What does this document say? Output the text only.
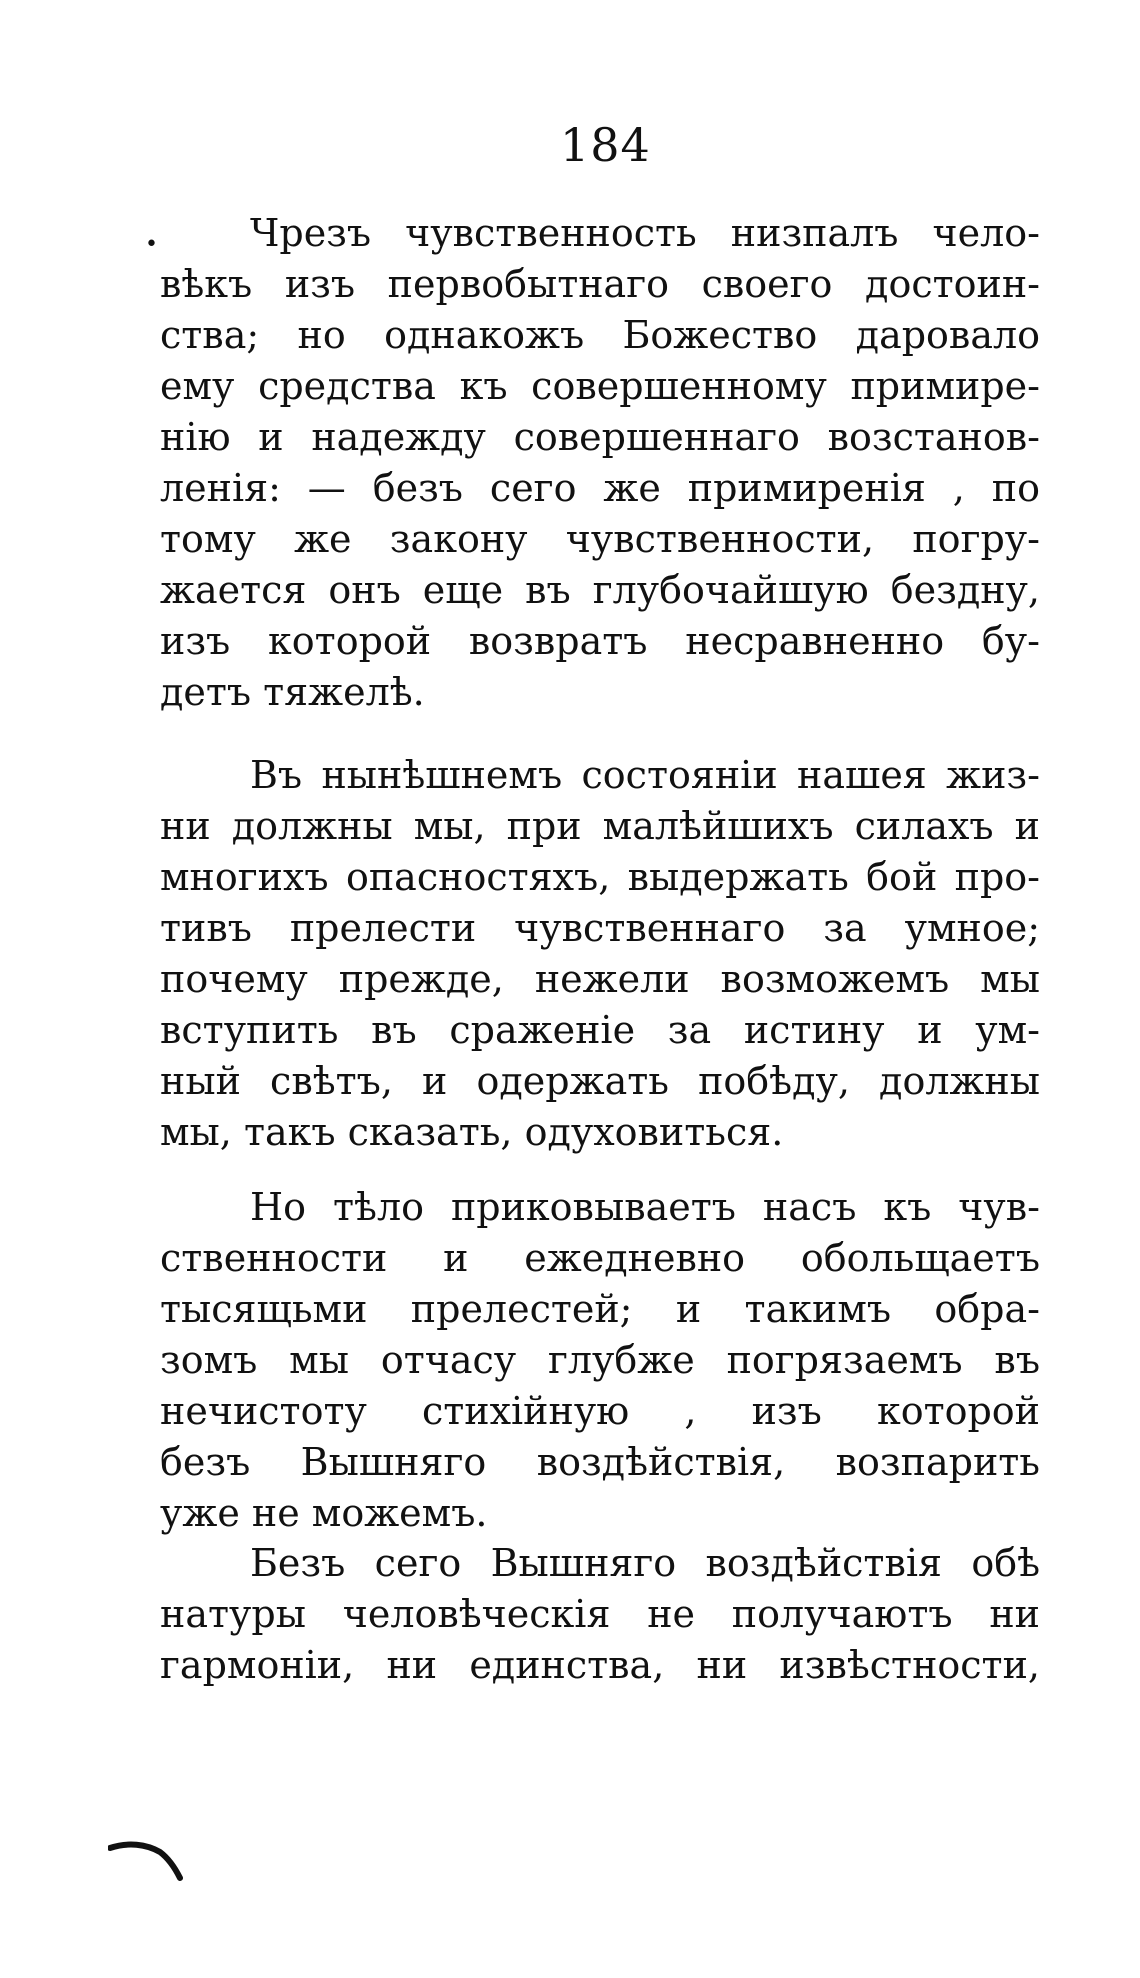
184
•	Чрезъ чувственность низпалъ чело-
вѣкъ изъ первобытнаго своего достоин-
ства; но однакожъ Божество даровало
ему средства къ совершенному примире-
нію и надежду совершеннаго возстанов-
ленія: — безъ сего же примиренія , по
тому же закону чувственности, погру-
жается онъ еще въ глубочайшую бездну,
изъ которой возвратъ несравненно бу-
детъ тяжелѣ.
Въ нынѣшнемъ состояніи нашея жиз-
ни должны мы, при малѣйшихъ силахъ и
многихъ опасностяхъ, выдержать бой про-
тивъ прелести чувственнаго за умное;
почему прежде, нежели возможемъ мы
вступить въ сраженіе за истину и ум-
ный свѣтъ, и одержать побѣду, должны
мы, такъ сказать, одуховиться.
Но тѣло приковываетъ насъ къ чув-
ственности и ежедневно обольщаетъ
тысящьми прелестей; и такимъ обра-
зомъ мы отчасу глубже погрязаемъ въ
нечистоту стихійную , изъ которой
безъ Вышняго воздѣйствія, возпарить
уже не можемъ.
Безъ сего Вышняго воздѣйствія обѣ
натуры человѣческія не получаютъ ни
гармоніи, ни единства, ни извѣстности,
